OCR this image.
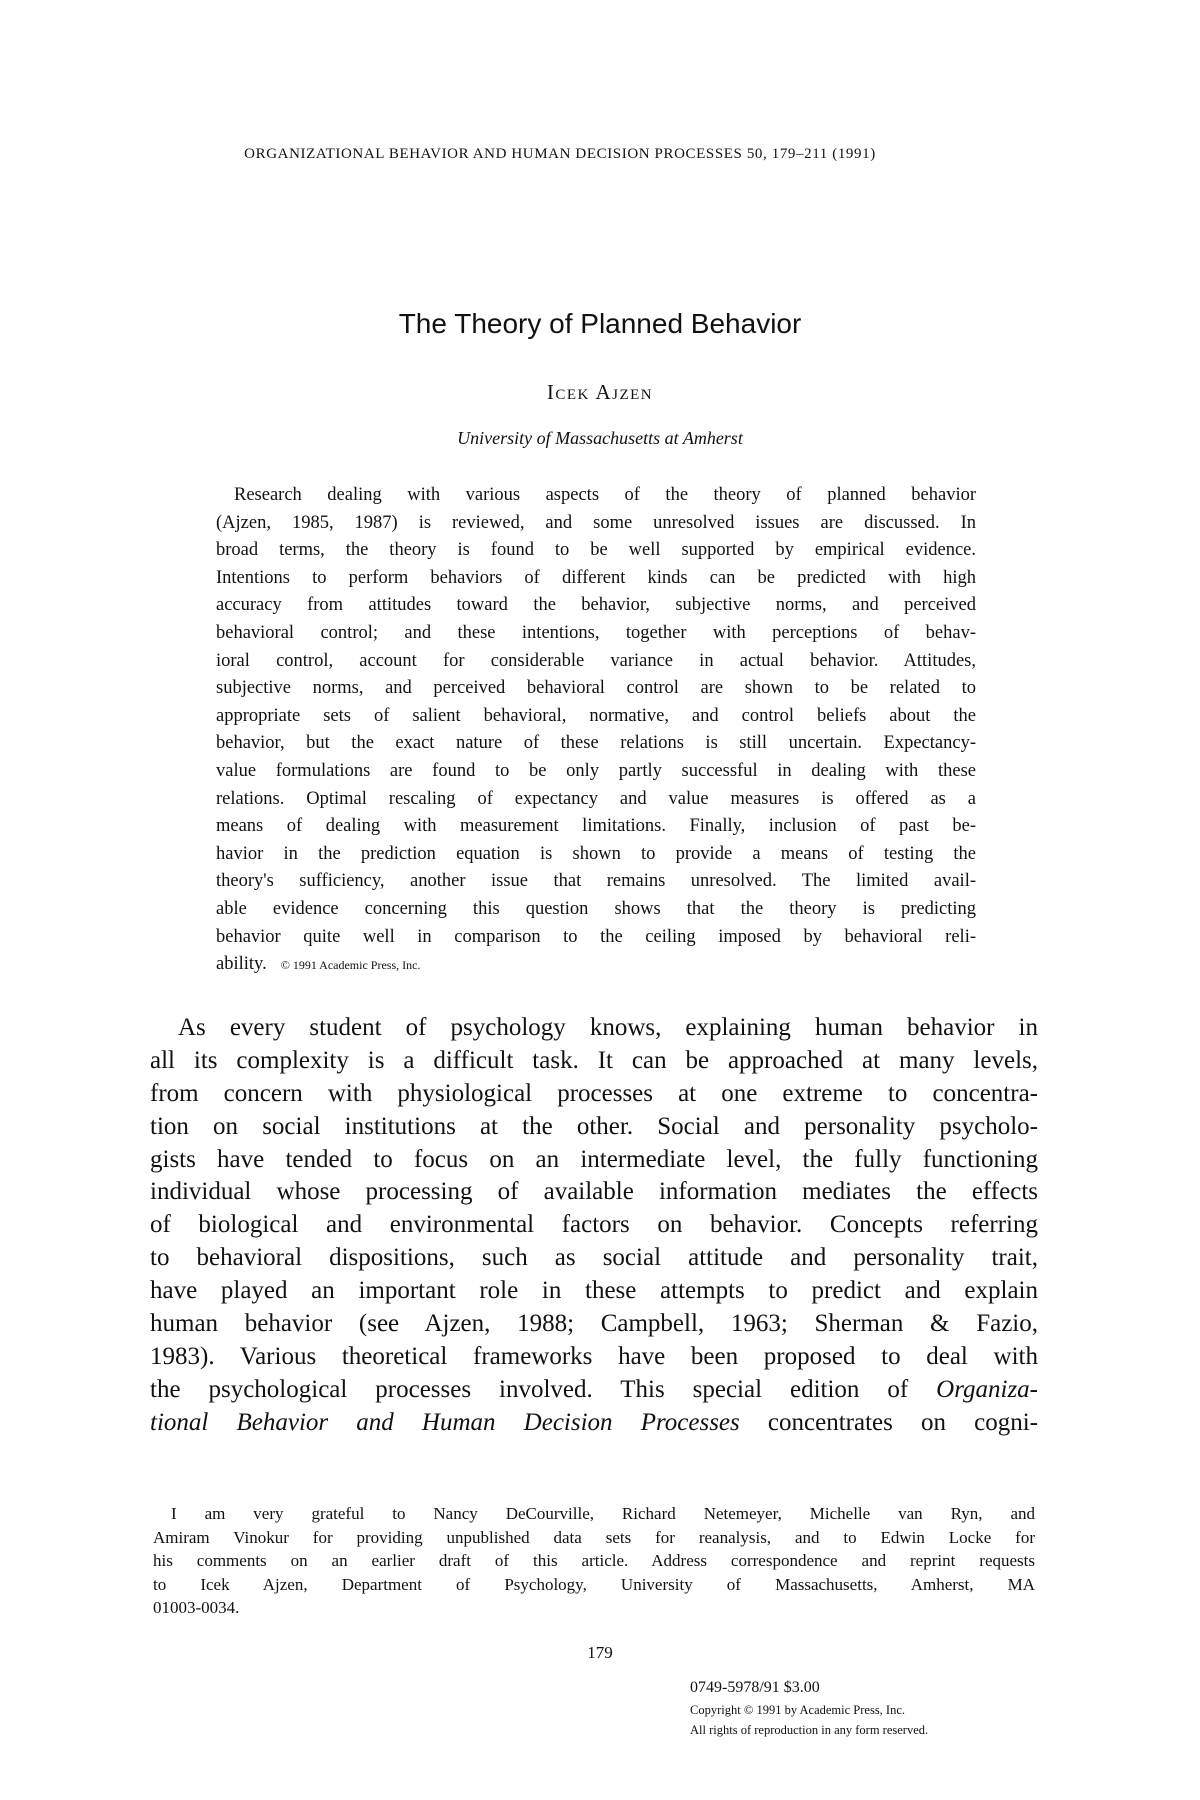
ORGANIZATIONAL BEHAVIOR AND HUMAN DECISION PROCESSES 50, 179–211 (1991)
The Theory of Planned Behavior
Icek Ajzen
University of Massachusetts at Amherst
Research dealing with various aspects of the theory of planned behavior
(Ajzen, 1985, 1987) is reviewed, and some unresolved issues are discussed. In
broad terms, the theory is found to be well supported by empirical evidence.
Intentions to perform behaviors of different kinds can be predicted with high
accuracy from attitudes toward the behavior, subjective norms, and perceived
behavioral control; and these intentions, together with perceptions of behav-
ioral control, account for considerable variance in actual behavior. Attitudes,
subjective norms, and perceived behavioral control are shown to be related to
appropriate sets of salient behavioral, normative, and control beliefs about the
behavior, but the exact nature of these relations is still uncertain. Expectancy-
value formulations are found to be only partly successful in dealing with these
relations. Optimal rescaling of expectancy and value measures is offered as a
means of dealing with measurement limitations. Finally, inclusion of past be-
havior in the prediction equation is shown to provide a means of testing the
theory's sufficiency, another issue that remains unresolved. The limited avail-
able evidence concerning this question shows that the theory is predicting
behavior quite well in comparison to the ceiling imposed by behavioral reli-
ability. © 1991 Academic Press, Inc.
As every student of psychology knows, explaining human behavior in
all its complexity is a difficult task. It can be approached at many levels,
from concern with physiological processes at one extreme to concentra-
tion on social institutions at the other. Social and personality psycholo-
gists have tended to focus on an intermediate level, the fully functioning
individual whose processing of available information mediates the effects
of biological and environmental factors on behavior. Concepts referring
to behavioral dispositions, such as social attitude and personality trait,
have played an important role in these attempts to predict and explain
human behavior (see Ajzen, 1988; Campbell, 1963; Sherman & Fazio,
1983). Various theoretical frameworks have been proposed to deal with
the psychological processes involved. This special edition of Organiza-
tional Behavior and Human Decision Processes concentrates on cogni-
I am very grateful to Nancy DeCourville, Richard Netemeyer, Michelle van Ryn, and
Amiram Vinokur for providing unpublished data sets for reanalysis, and to Edwin Locke for
his comments on an earlier draft of this article. Address correspondence and reprint requests
to Icek Ajzen, Department of Psychology, University of Massachusetts, Amherst, MA
01003-0034.
179
0749-5978/91 $3.00
Copyright © 1991 by Academic Press, Inc.
All rights of reproduction in any form reserved.
